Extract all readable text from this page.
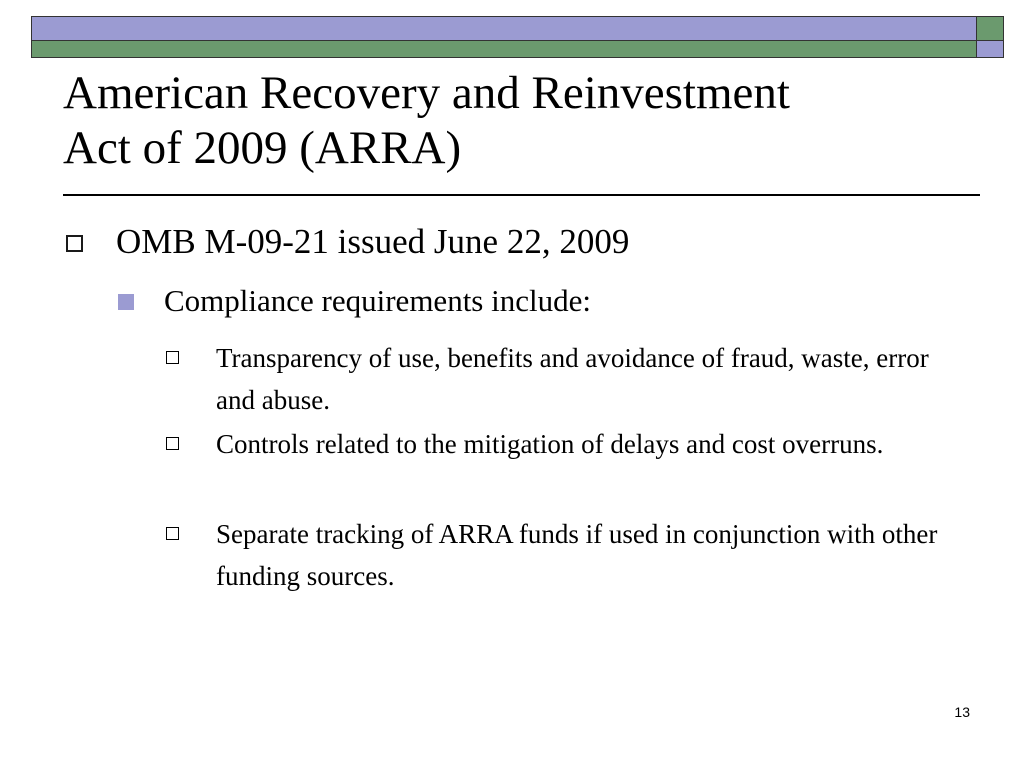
American Recovery and Reinvestment
Act of 2009 (ARRA)

OMB M-09-21 issued June 22, 2009

Compliance requirements include:

Transparency of use, benefits and avoidance of fraud, waste, error and abuse.

Controls related to the mitigation of delays and cost overruns.

Separate tracking of ARRA funds if used in conjunction with other funding sources.

13
